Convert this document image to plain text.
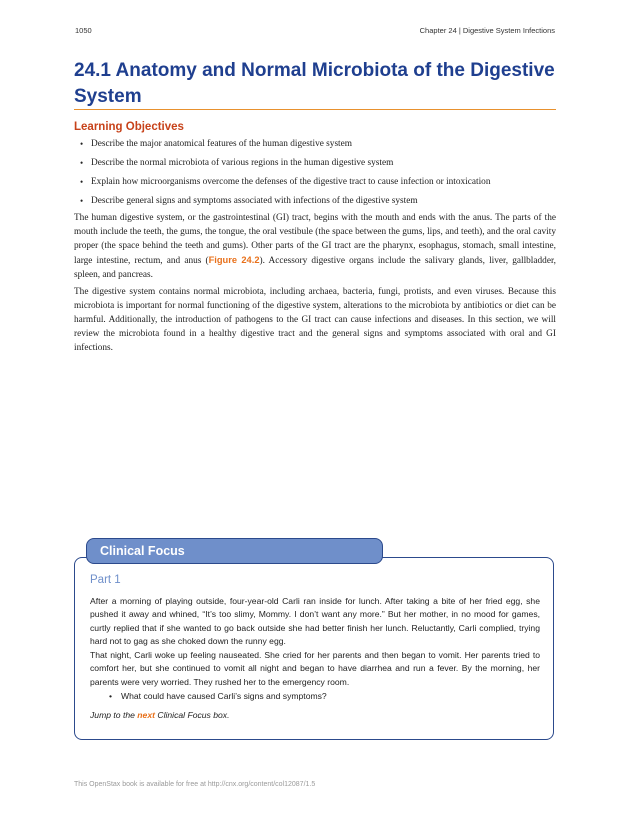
1050	Chapter 24 | Digestive System Infections
24.1 Anatomy and Normal Microbiota of the Digestive System
Learning Objectives
• Describe the major anatomical features of the human digestive system
• Describe the normal microbiota of various regions in the human digestive system
• Explain how microorganisms overcome the defenses of the digestive tract to cause infection or intoxication
• Describe general signs and symptoms associated with infections of the digestive system

The human digestive system, or the gastrointestinal (GI) tract, begins with the mouth and ends with the anus. The parts of the mouth include the teeth, the gums, the tongue, the oral vestibule (the space between the gums, lips, and teeth), and the oral cavity proper (the space behind the teeth and gums). Other parts of the GI tract are the pharynx, esophagus, stomach, small intestine, large intestine, rectum, and anus (Figure 24.2). Accessory digestive organs include the salivary glands, liver, gallbladder, spleen, and pancreas.

The digestive system contains normal microbiota, including archaea, bacteria, fungi, protists, and even viruses. Because this microbiota is important for normal functioning of the digestive system, alterations to the microbiota by antibiotics or diet can be harmful. Additionally, the introduction of pathogens to the GI tract can cause infections and diseases. In this section, we will review the microbiota found in a healthy digestive tract and the general signs and symptoms associated with oral and GI infections.

Clinical Focus
Part 1

After a morning of playing outside, four-year-old Carli ran inside for lunch. After taking a bite of her fried egg, she pushed it away and whined, “It’s too slimy, Mommy. I don’t want any more.” But her mother, in no mood for games, curtly replied that if she wanted to go back outside she had better finish her lunch. Reluctantly, Carli complied, trying hard not to gag as she choked down the runny egg.

That night, Carli woke up feeling nauseated. She cried for her parents and then began to vomit. Her parents tried to comfort her, but she continued to vomit all night and began to have diarrhea and run a fever. By the morning, her parents were very worried. They rushed her to the emergency room.

• What could have caused Carli’s signs and symptoms?

Jump to the next Clinical Focus box.

This OpenStax book is available for free at http://cnx.org/content/col12087/1.5
